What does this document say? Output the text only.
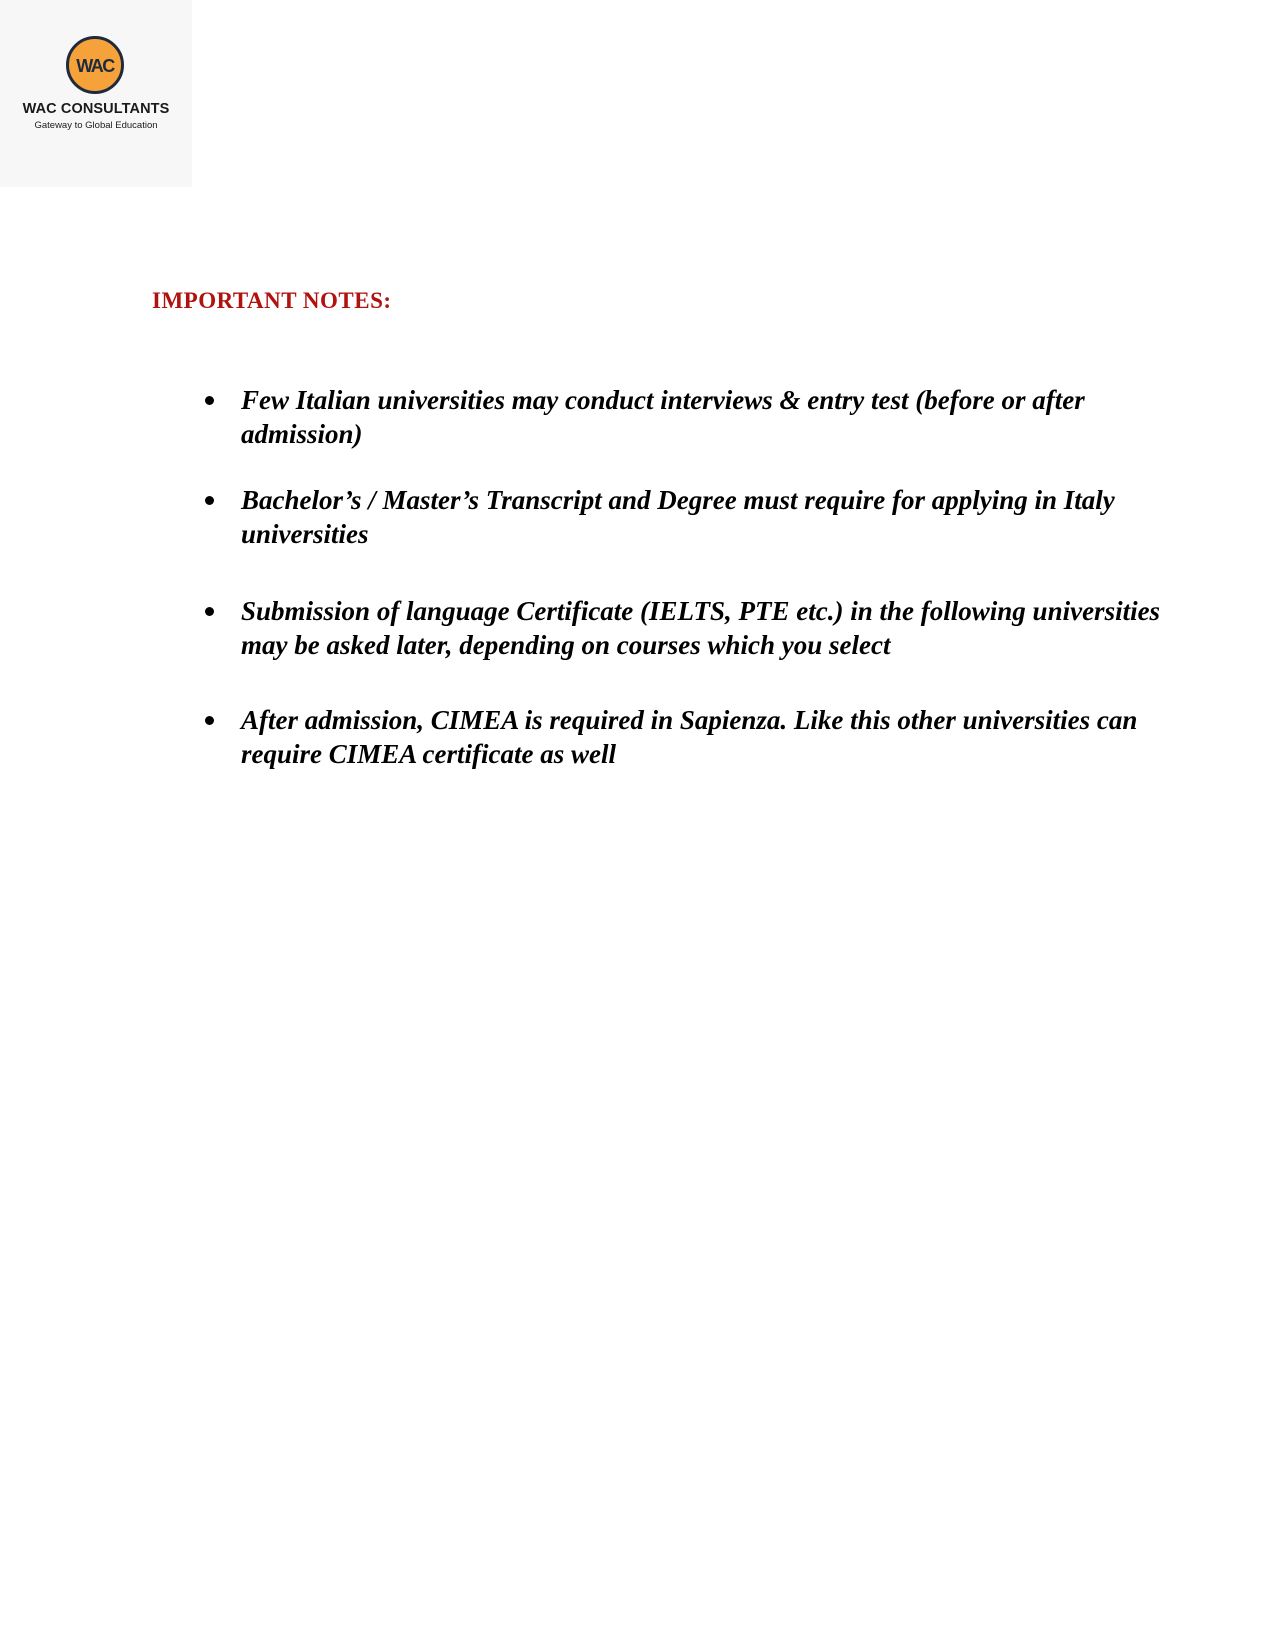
WAC
WAC CONSULTANTS
Gateway to Global Education
IMPORTANT NOTES:
Few Italian universities may conduct interviews & entry test (before or after admission)
Bachelor’s / Master’s Transcript and Degree must require for applying in Italy universities
Submission of language Certificate (IELTS, PTE etc.) in the following universities may be asked later, depending on courses which you select
After admission, CIMEA is required in Sapienza. Like this other universities can require CIMEA certificate as well
